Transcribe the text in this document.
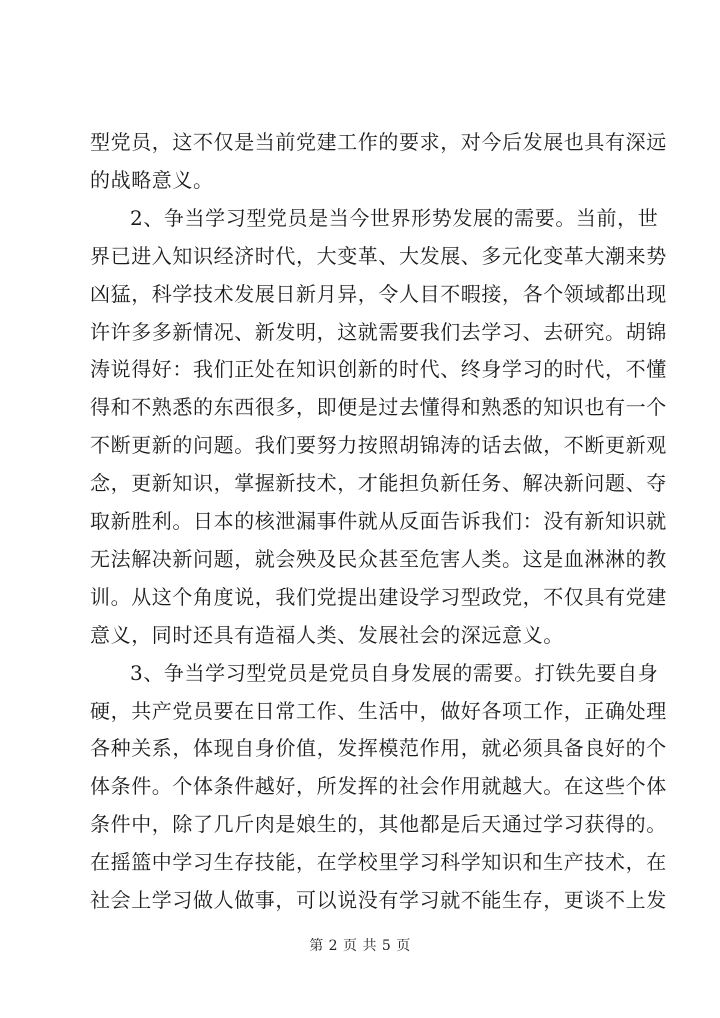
型党员，这不仅是当前党建工作的要求，对今后发展也具有深远
的战略意义。
2、争当学习型党员是当今世界形势发展的需要。当前，世
界已进入知识经济时代，大变革、大发展、多元化变革大潮来势
凶猛，科学技术发展日新月异，令人目不暇接，各个领域都出现
许许多多新情况、新发明，这就需要我们去学习、去研究。胡锦
涛说得好：我们正处在知识创新的时代、终身学习的时代，不懂
得和不熟悉的东西很多，即便是过去懂得和熟悉的知识也有一个
不断更新的问题。我们要努力按照胡锦涛的话去做，不断更新观
念，更新知识，掌握新技术，才能担负新任务、解决新问题、夺
取新胜利。日本的核泄漏事件就从反面告诉我们：没有新知识就
无法解决新问题，就会殃及民众甚至危害人类。这是血淋淋的教
训。从这个角度说，我们党提出建设学习型政党，不仅具有党建
意义，同时还具有造福人类、发展社会的深远意义。
3、争当学习型党员是党员自身发展的需要。打铁先要自身
硬，共产党员要在日常工作、生活中，做好各项工作，正确处理
各种关系，体现自身价值，发挥模范作用，就必须具备良好的个
体条件。个体条件越好，所发挥的社会作用就越大。在这些个体
条件中，除了几斤肉是娘生的，其他都是后天通过学习获得的。
在摇篮中学习生存技能，在学校里学习科学知识和生产技术，在
社会上学习做人做事，可以说没有学习就不能生存，更谈不上发
第 2 页 共 5 页
